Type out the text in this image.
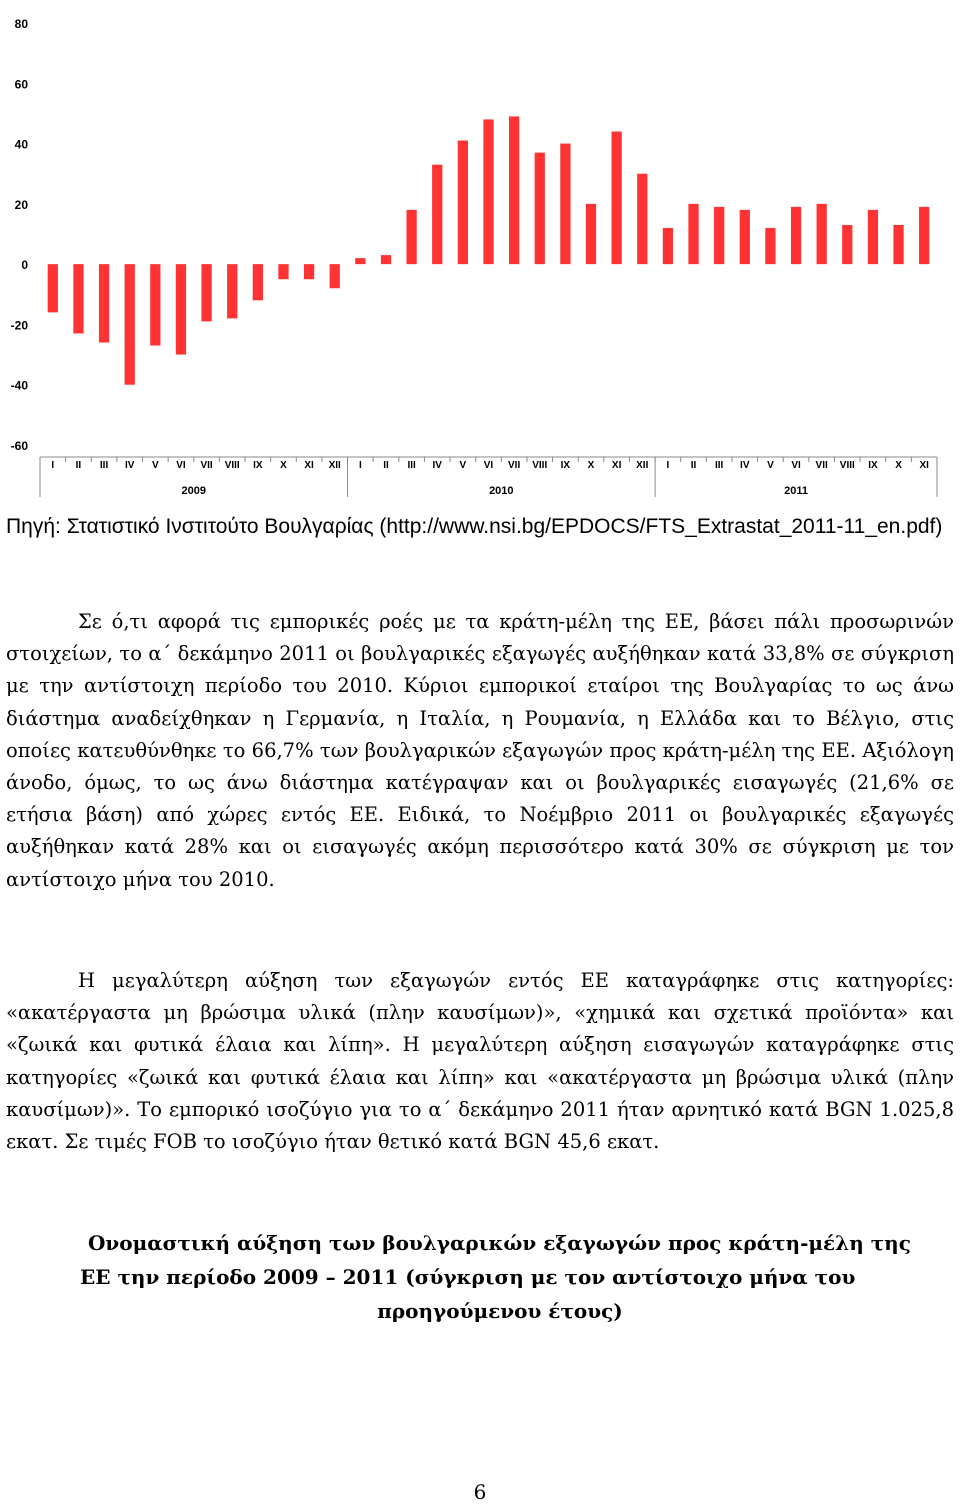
-60
-40
-20
0
20
40
60
80
I II III IV V VI VII VIII IX X XI XII I II III IV V VI VII VIII IX X XI XII I II III IV V VI VII VIII IX X XI
2009	2010	2011
Πηγή: Στατιστικό Ινστιτούτο Βουλγαρίας (http://www.nsi.bg/EPDOCS/FTS_Extrastat_2011-11_en.pdf)

Σε ό,τι αφορά τις εμπορικές ροές με τα κράτη-μέλη της ΕΕ, βάσει πάλι προσωρινών στοιχείων, το α΄ δεκάμηνο 2011 οι βουλγαρικές εξαγωγές αυξήθηκαν κατά 33,8% σε σύγκριση με την αντίστοιχη περίοδο του 2010. Κύριοι εμπορικοί εταίροι της Βουλγαρίας το ως άνω διάστημα αναδείχθηκαν η Γερμανία, η Ιταλία, η Ρουμανία, η Ελλάδα και το Βέλγιο, στις οποίες κατευθύνθηκε το 66,7% των βουλγαρικών εξαγωγών προς κράτη-μέλη της ΕΕ. Αξιόλογη άνοδο, όμως, το ως άνω διάστημα κατέγραψαν και οι βουλγαρικές εισαγωγές (21,6% σε ετήσια βάση) από χώρες εντός ΕΕ. Ειδικά, το Νοέμβριο 2011 οι βουλγαρικές εξαγωγές αυξήθηκαν κατά 28% και οι εισαγωγές ακόμη περισσότερο κατά 30% σε σύγκριση με τον αντίστοιχο μήνα του 2010.

Η μεγαλύτερη αύξηση των εξαγωγών εντός ΕΕ καταγράφηκε στις κατηγορίες: «ακατέργαστα μη βρώσιμα υλικά (πλην καυσίμων)», «χημικά και σχετικά προϊόντα» και «ζωικά και φυτικά έλαια και λίπη». Η μεγαλύτερη αύξηση εισαγωγών καταγράφηκε στις κατηγορίες «ζωικά και φυτικά έλαια και λίπη» και «ακατέργαστα μη βρώσιμα υλικά (πλην καυσίμων)». Το εμπορικό ισοζύγιο για το α΄ δεκάμηνο 2011 ήταν αρνητικό κατά BGN 1.025,8 εκατ. Σε τιμές FOB το ισοζύγιο ήταν θετικό κατά BGN 45,6 εκατ.

Ονομαστική αύξηση των βουλγαρικών εξαγωγών προς κράτη-μέλη της
ΕΕ την περίοδο 2009 – 2011 (σύγκριση με τον αντίστοιχο μήνα του
προηγούμενου έτους)
6
